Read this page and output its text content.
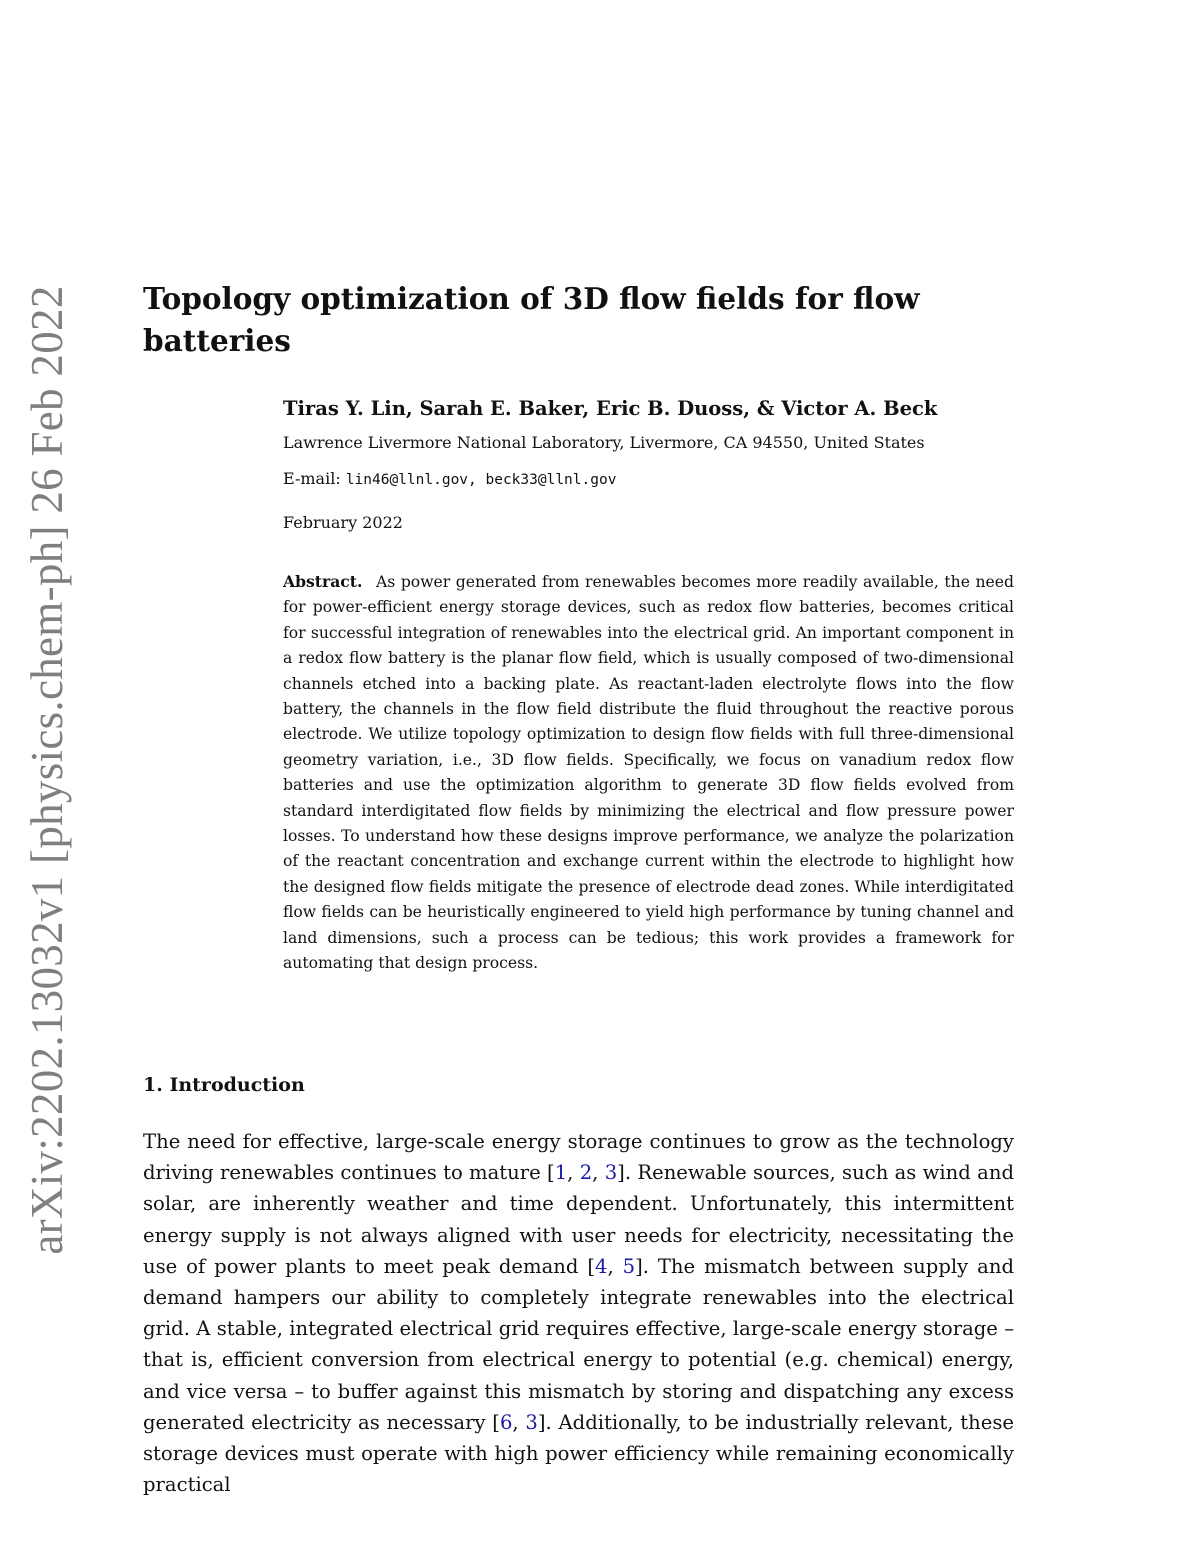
arXiv:2202.13032v1 [physics.chem-ph] 26 Feb 2022 Topology optimization of 3D flow fields for flow batteries
Tiras Y. Lin, Sarah E. Baker, Eric B. Duoss, & Victor A. Beck
Lawrence Livermore National Laboratory, Livermore, CA 94550, United States
E-mail: lin46@llnl.gov, beck33@llnl.gov
February 2022

Abstract. As power generated from renewables becomes more readily available, the need for power-efficient energy storage devices, such as redox flow batteries, becomes critical for successful integration of renewables into the electrical grid. An important component in a redox flow battery is the planar flow field, which is usually composed of two-dimensional channels etched into a backing plate. As reactant-laden electrolyte flows into the flow battery, the channels in the flow field distribute the fluid throughout the reactive porous electrode. We utilize topology optimization to design flow fields with full three-dimensional geometry variation, i.e., 3D flow fields. Specifically, we focus on vanadium redox flow batteries and use the optimization algorithm to generate 3D flow fields evolved from standard interdigitated flow fields by minimizing the electrical and flow pressure power losses. To understand how these designs improve performance, we analyze the polarization of the reactant concentration and exchange current within the electrode to highlight how the designed flow fields mitigate the presence of electrode dead zones. While interdigitated flow fields can be heuristically engineered to yield high performance by tuning channel and land dimensions, such a process can be tedious; this work provides a framework for automating that design process.

1. Introduction

The need for effective, large-scale energy storage continues to grow as the technology driving renewables continues to mature [1, 2, 3]. Renewable sources, such as wind and solar, are inherently weather and time dependent. Unfortunately, this intermittent energy supply is not always aligned with user needs for electricity, necessitating the use of power plants to meet peak demand [4, 5]. The mismatch between supply and demand hampers our ability to completely integrate renewables into the electrical grid. A stable, integrated electrical grid requires effective, large-scale energy storage – that is, efficient conversion from electrical energy to potential (e.g. chemical) energy, and vice versa – to buffer against this mismatch by storing and dispatching any excess generated electricity as necessary [6, 3]. Additionally, to be industrially relevant, these storage devices must operate with high power efficiency while remaining economically practical
